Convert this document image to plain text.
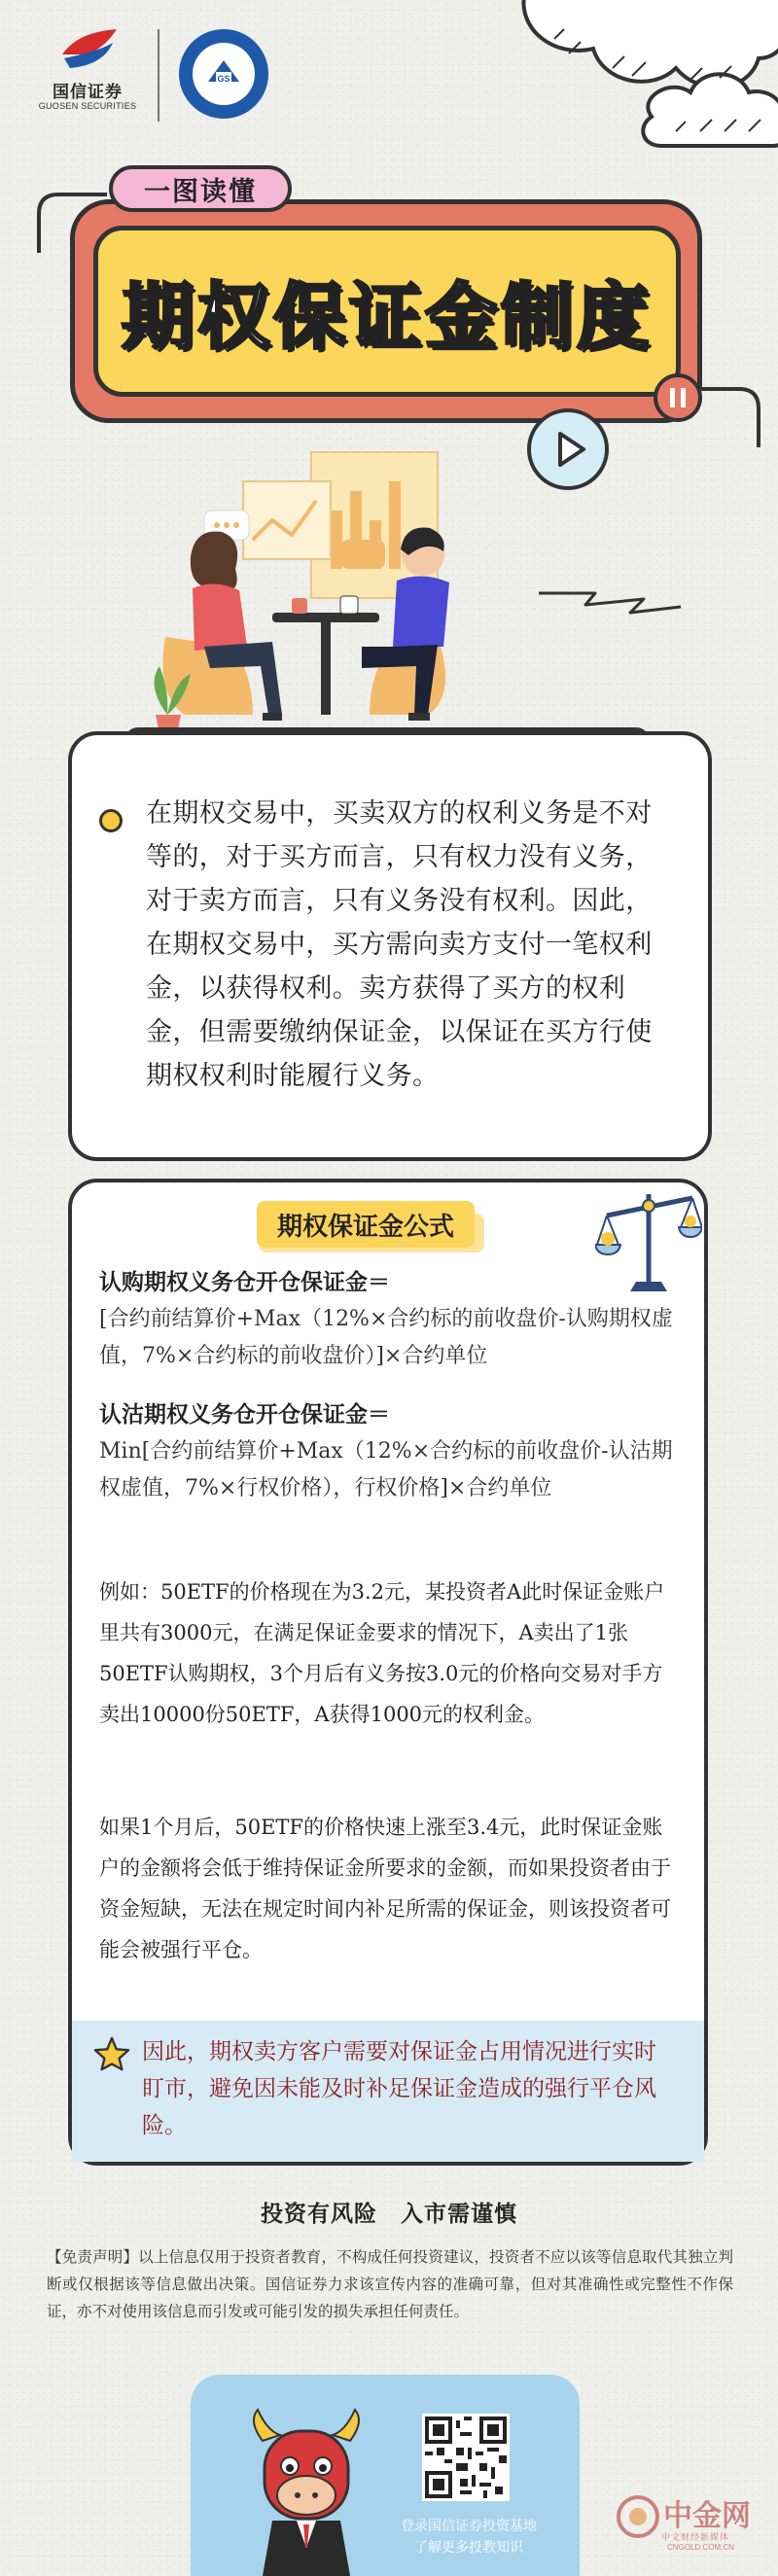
国信证券
GUOSEN SECURITIES
GS
期权保证金制度
一图读懂

在期权交易中，买卖双方的权利义务是不对等的，对于买方而言，只有权力没有义务，对于卖方而言，只有义务没有权利。因此，在期权交易中，买方需向卖方支付一笔权利金，以获得权利。卖方获得了买方的权利金，但需要缴纳保证金，以保证在买方行使期权权利时能履行义务。

期权保证金公式
认购期权义务仓开仓保证金＝
[合约前结算价+Max（12%×合约标的前收盘价-认购期权虚值，7%×合约标的前收盘价）]×合约单位
认沽期权义务仓开仓保证金＝
Min[合约前结算价+Max（12%×合约标的前收盘价-认沽期权虚值，7%×行权价格），行权价格]×合约单位

例如：50ETF的价格现在为3.2元，某投资者A此时保证金账户里共有3000元，在满足保证金要求的情况下，A卖出了1张50ETF认购期权，3个月后有义务按3.0元的价格向交易对手方卖出10000份50ETF，A获得1000元的权利金。

如果1个月后，50ETF的价格快速上涨至3.4元，此时保证金账户的金额将会低于维持保证金所要求的金额，而如果投资者由于资金短缺，无法在规定时间内补足所需的保证金，则该投资者可能会被强行平仓。

因此，期权卖方客户需要对保证金占用情况进行实时盯市，避免因未能及时补足保证金造成的强行平仓风险。

投资有风险　入市需谨慎

【免责声明】以上信息仅用于投资者教育，不构成任何投资建议，投资者不应以该等信息取代其独立判断或仅根据该等信息做出决策。国信证券力求该宣传内容的准确可靠，但对其准确性或完整性不作保证，亦不对使用该信息而引发或可能引发的损失承担任何责任。

登录国信证券投资基地
了解更多投教知识
中金网
中文财经新媒体
CNGOLD.COM.CN
